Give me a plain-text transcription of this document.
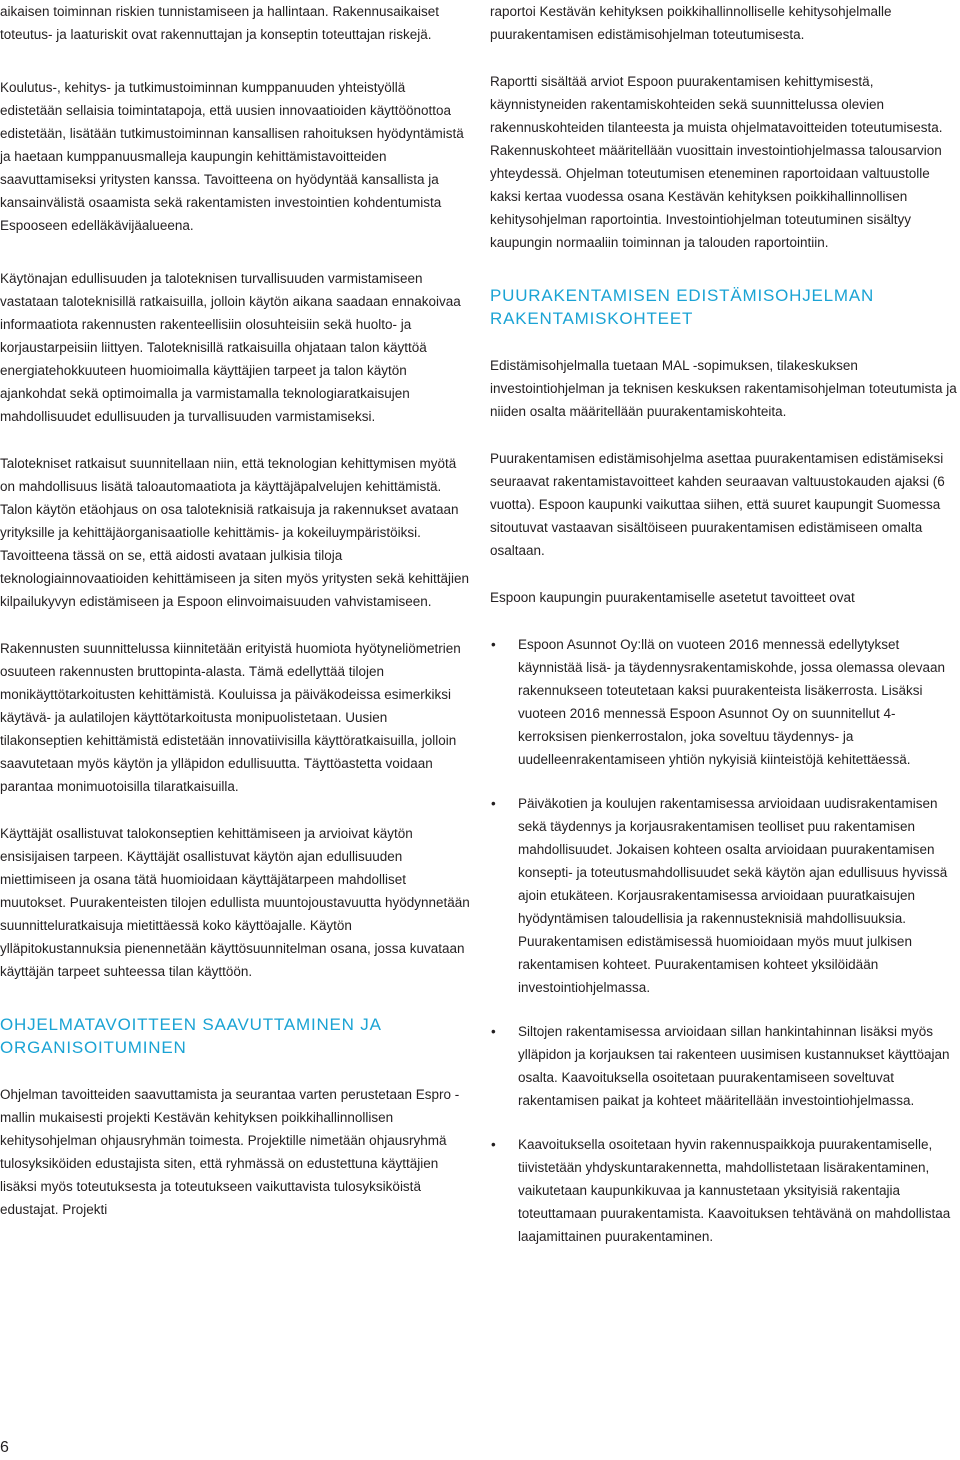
aikaisen toiminnan riskien tunnistamiseen ja hallintaan. Rakennusaikaiset toteutus- ja laaturiskit ovat rakennuttajan ja konseptin toteuttajan riskejä.

Koulutus-, kehitys- ja tutkimustoiminnan kumppanuuden yhteistyöllä edistetään sellaisia toimintatapoja, että uusien innovaatioiden käyttöönottoa edistetään, lisätään tutkimustoiminnan kansallisen rahoituksen hyödyntämistä ja haetaan kumppanuusmalleja kaupungin kehittämistavoitteiden saavuttamiseksi yritysten kanssa. Tavoitteena on hyödyntää kansallista ja kansainvälistä osaamista sekä rakentamisten investointien kohdentumista Espooseen edelläkävijäalueena.

Käytönajan edullisuuden ja taloteknisen turvallisuuden varmistamiseen vastataan taloteknisillä ratkaisuilla, jolloin käytön aikana saadaan ennakoivaa informaatiota rakennusten rakenteellisiin olosuhteisiin sekä huolto- ja korjaustarpeisiin liittyen. Taloteknisillä ratkaisuilla ohjataan talon käyttöä energiatehokkuuteen huomioimalla käyttäjien tarpeet ja talon käytön ajankohdat sekä optimoimalla ja varmistamalla teknologiaratkaisujen mahdollisuudet edullisuuden ja turvallisuuden varmistamiseksi.

Talotekniset ratkaisut suunnitellaan niin, että teknologian kehittymisen myötä on mahdollisuus lisätä taloautomaatiota ja käyttäjäpalvelujen kehittämistä. Talon käytön etäohjaus on osa taloteknisiä ratkaisuja ja rakennukset avataan yrityksille ja kehittäjäorganisaatiolle kehittämis- ja kokeiluympäristöiksi. Tavoitteena tässä on se, että aidosti avataan julkisia tiloja teknologiainnovaatioiden kehittämiseen ja siten myös yritysten sekä kehittäjien kilpailukyvyn edistämiseen ja Espoon elinvoimaisuuden vahvistamiseen.

Rakennusten suunnittelussa kiinnitetään erityistä huomiota hyötyneliömetrien osuuteen rakennusten bruttopinta-alasta. Tämä edellyttää tilojen monikäyttötarkoitusten kehittämistä. Kouluissa ja päiväkodeissa esimerkiksi käytävä- ja aulatilojen käyttötarkoitusta monipuolistetaan. Uusien tilakonseptien kehittämistä edistetään innovatiivisilla käyttöratkaisuilla, jolloin saavutetaan myös käytön ja ylläpidon edullisuutta. Täyttöastetta voidaan parantaa monimuotoisilla tilaratkaisuilla.

Käyttäjät osallistuvat talokonseptien kehittämiseen ja arvioivat käytön ensisijaisen tarpeen. Käyttäjät osallistuvat käytön ajan edullisuuden miettimiseen ja osana tätä huomioidaan käyttäjätarpeen mahdolliset muutokset. Puurakenteisten tilojen edullista muuntojoustavuutta hyödynnetään suunnitteluratkaisuja mietittäessä koko käyttöajalle. Käytön ylläpitokustannuksia pienennetään käyttösuunnitelman osana, jossa kuvataan käyttäjän tarpeet suhteessa tilan käyttöön.

OHJELMATAVOITTEEN SAAVUTTAMINEN JA ORGANISOITUMINEN

Ohjelman tavoitteiden saavuttamista ja seurantaa varten perustetaan Espro -mallin mukaisesti projekti Kestävän kehityksen poikkihallinnollisen kehitysohjelman ohjausryhmän toimesta. Projektille nimetään ohjausryhmä tulosyksiköiden edustajista siten, että ryhmässä on edustettuna käyttäjien lisäksi myös toteutuksesta ja toteutukseen vaikuttavista tulosyksiköistä edustajat. Projekti

raportoi Kestävän kehityksen poikkihallinnolliselle kehitysohjelmalle puurakentamisen edistämisohjelman toteutumisesta.

Raportti sisältää arviot Espoon puurakentamisen kehittymisestä, käynnistyneiden rakentamiskohteiden sekä suunnittelussa olevien rakennuskohteiden tilanteesta ja muista ohjelmatavoitteiden toteutumisesta. Rakennuskohteet määritellään vuosittain investointiohjelmassa talousarvion yhteydessä. Ohjelman toteutumisen eteneminen raportoidaan valtuustolle kaksi kertaa vuodessa osana Kestävän kehityksen poikkihallinnollisen kehitysohjelman raportointia. Investointiohjelman toteutuminen sisältyy kaupungin normaaliin toiminnan ja talouden raportointiin.

PUURAKENTAMISEN EDISTÄMISOHJELMAN RAKENTAMISKOHTEET

Edistämisohjelmalla tuetaan MAL -sopimuksen, tilakeskuksen investointiohjelman ja teknisen keskuksen rakentamisohjelman toteutumista ja niiden osalta määritellään puurakentamiskohteita.

Puurakentamisen edistämisohjelma asettaa puurakentamisen edistämiseksi seuraavat rakentamistavoitteet kahden seuraavan valtuustokauden ajaksi (6 vuotta). Espoon kaupunki vaikuttaa siihen, että suuret kaupungit Suomessa sitoutuvat vastaavan sisältöiseen puurakentamisen edistämiseen omalta osaltaan.

Espoon kaupungin puurakentamiselle asetetut tavoitteet ovat

• Espoon Asunnot Oy:llä on vuoteen 2016 mennessä edellytykset käynnistää lisä- ja täydennysrakentamiskohde, jossa olemassa olevaan rakennukseen toteutetaan kaksi puurakenteista lisäkerrosta. Lisäksi vuoteen 2016 mennessä Espoon Asunnot Oy on suunnitellut 4-kerroksisen pienkerrostalon, joka soveltuu täydennys- ja uudelleenrakentamiseen yhtiön nykyisiä kiinteistöjä kehitettäessä.
• Päiväkotien ja koulujen rakentamisessa arvioidaan uudisrakentamisen sekä täydennys ja korjausrakentamisen teolliset puu rakentamisen mahdollisuudet. Jokaisen kohteen osalta arvioidaan puurakentamisen konsepti- ja toteutusmahdollisuudet sekä käytön ajan edullisuus hyvissä ajoin etukäteen. Korjausrakentamisessa arvioidaan puuratkaisujen hyödyntämisen taloudellisia ja rakennusteknisiä mahdollisuuksia. Puurakentamisen edistämisessä huomioidaan myös muut julkisen rakentamisen kohteet. Puurakentamisen kohteet yksilöidään investointiohjelmassa.
• Siltojen rakentamisessa arvioidaan sillan hankintahinnan lisäksi myös ylläpidon ja korjauksen tai rakenteen uusimisen kustannukset käyttöajan osalta. Kaavoituksella osoitetaan puurakentamiseen soveltuvat rakentamisen paikat ja kohteet määritellään investointiohjelmassa.
• Kaavoituksella osoitetaan hyvin rakennuspaikkoja puurakentamiselle, tiivistetään yhdyskuntarakennetta, mahdollistetaan lisärakentaminen, vaikutetaan kaupunkikuvaa ja kannustetaan yksityisiä rakentajia toteuttamaan puurakentamista. Kaavoituksen tehtävänä on mahdollistaa laajamittainen puurakentaminen.
6
